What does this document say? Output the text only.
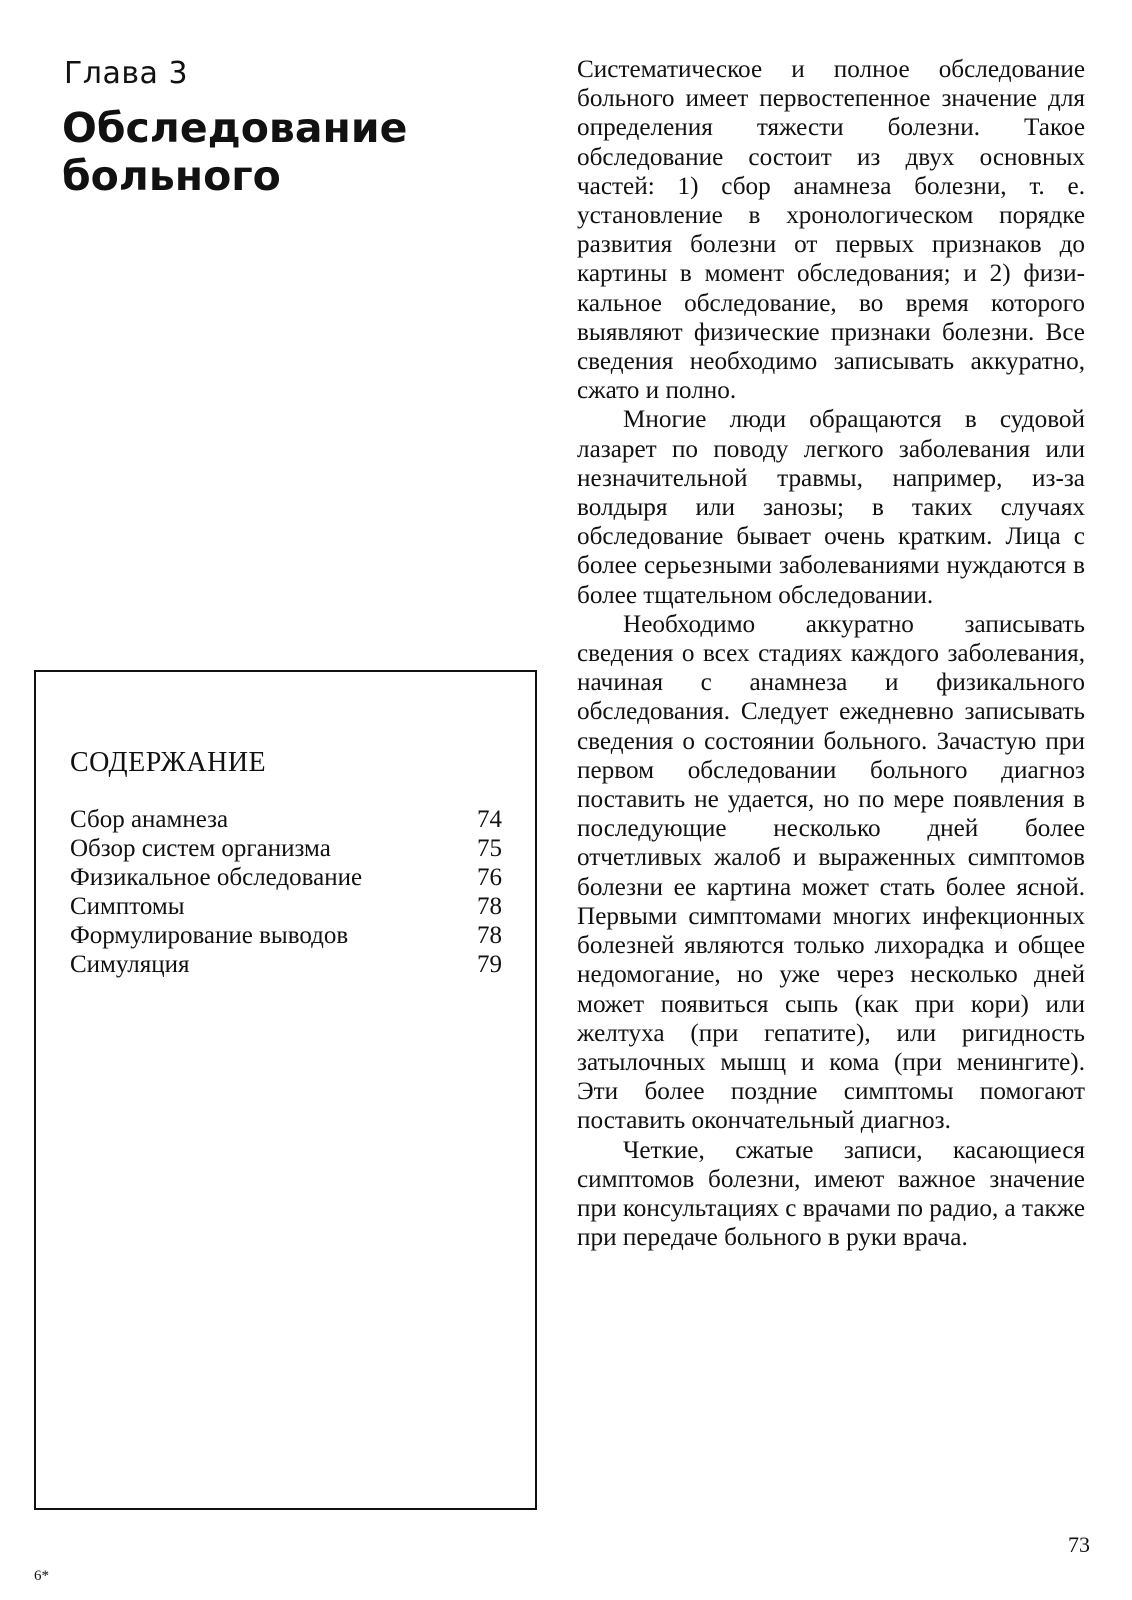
Глава 3
Обследование
больного
СОДЕРЖАНИЕ
Сбор анамнеза	74
Обзор систем организма	75
Физикальное обследование	76
Симптомы	78
Формулирование выводов	78
Симуляция	79

Систематическое и полное обследование больного имеет первостепенное значение для определения тяжести болезни. Такое обследование состоит из двух основных частей: 1) сбор анамнеза болезни, т. е. установление в хронологическом порядке развития болезни от первых признаков до картины в момент обследования; и 2) физикальное обследование, во время которого выявляют физические признаки болезни. Все сведения необходимо записывать аккуратно, сжато и полно.

Многие люди обращаются в судовой лазарет по поводу легкого заболевания или незначительной травмы, например, из-за волдыря или занозы; в таких случаях обследование бывает очень кратким. Лица с более серьезными заболеваниями нуждаются в более тщательном обследовании.

Необходимо аккуратно записывать сведения о всех стадиях каждого заболевания, начиная с анамнеза и физикального обследования. Следует ежедневно записывать сведения о состоянии больного. Зачастую при первом обследовании больного диагноз поставить не удается, но по мере появления в последующие несколько дней более отчетливых жалоб и выраженных симптомов болезни ее картина может стать более ясной. Первыми симптомами многих инфекционных болезней являются только лихорадка и общее недомогание, но уже через несколько дней может появиться сыпь (как при кори) или желтуха (при гепатите), или ригидность затылочных мышц и кома (при менингите). Эти более поздние симптомы помогают поставить окончательный диагноз.

Четкие, сжатые записи, касающиеся симптомов болезни, имеют важное значение при консультациях с врачами по радио, а также при передаче больного в руки врача.

73
6*
